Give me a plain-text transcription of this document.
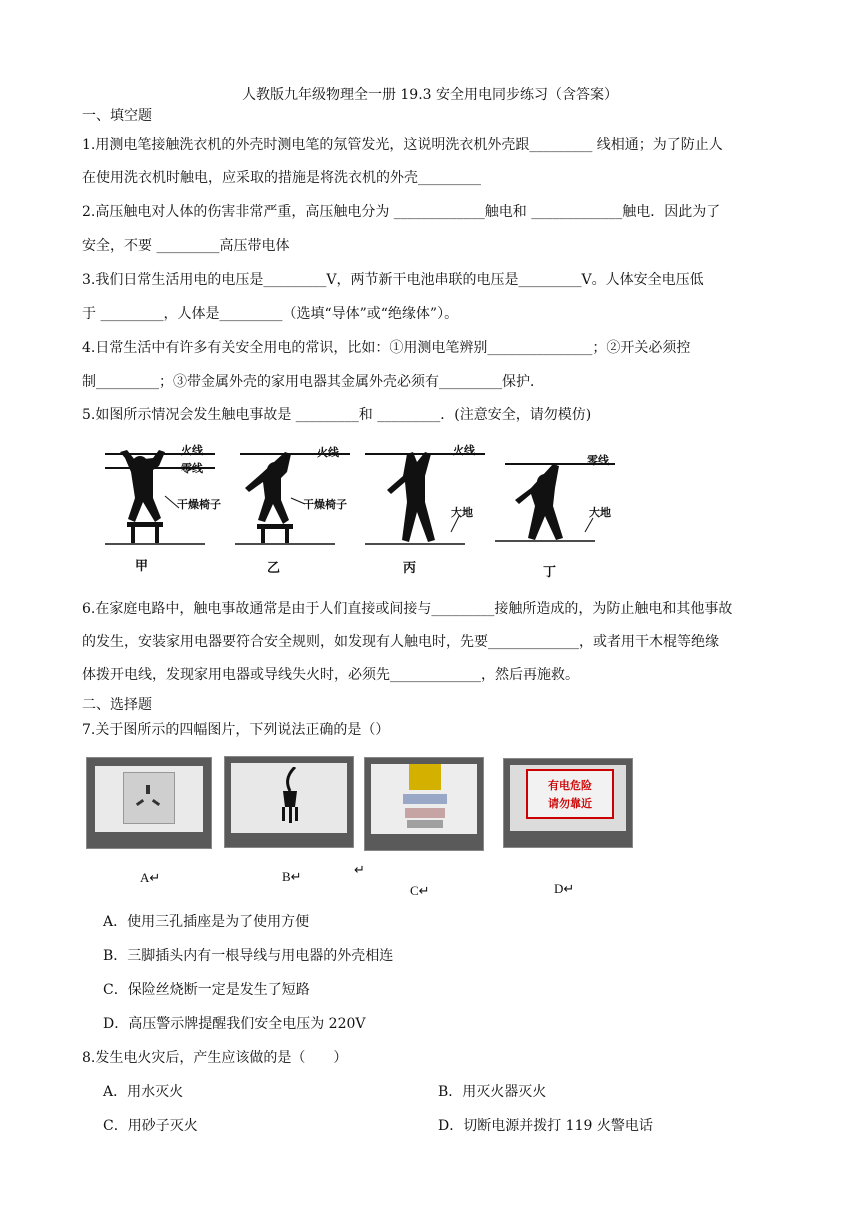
人教版九年级物理全一册 19.3 安全用电同步练习（含答案）
一、填空题
1.用测电笔接触洗衣机的外壳时测电笔的氖管发光，这说明洗衣机外壳跟_________ 线相通；为了防止人
在使用洗衣机时触电，应采取的措施是将洗衣机的外壳_________
2.高压触电对人体的伤害非常严重，高压触电分为 _____________触电和 _____________触电．因此为了
安全，不要 _________高压带电体
3.我们日常生活用电的电压是_________V，两节新干电池串联的电压是_________V。人体安全电压低
于 _________，人体是_________（选填“导体”或“绝缘体”）。
4.日常生活中有许多有关安全用电的常识，比如：①用测电笔辨别_______________；②开关必须控
制_________；③带金属外壳的家用电器其金属外壳必须有_________保护．
5.如图所示情况会发生触电事故是 _________和 _________．(注意安全，请勿模仿)
火线
零线
干燥椅子
火线
干燥椅子
火线
大地
零线
大地
甲	乙	丙	丁
6.在家庭电路中，触电事故通常是由于人们直接或间接与_________接触所造成的，为防止触电和其他事故
的发生，安装家用电器要符合安全规则，如发现有人触电时，先要_____________，或者用干木棍等绝缘
体拨开电线，发现家用电器或导线失火时，必须先_____________，然后再施救。
二、选择题
7.关于图所示的四幅图片，下列说法正确的是（）
有电危险
请勿靠近
A↵	B↵	↵
C↵	D↵
A．使用三孔插座是为了使用方便
B．三脚插头内有一根导线与用电器的外壳相连
C．保险丝烧断一定是发生了短路
D．高压警示牌提醒我们安全电压为 220V
8.发生电火灾后，产生应该做的是（　　）
A．用水灭火	B．用灭火器灭火
C．用砂子灭火	D．切断电源并拨打 119 火警电话
